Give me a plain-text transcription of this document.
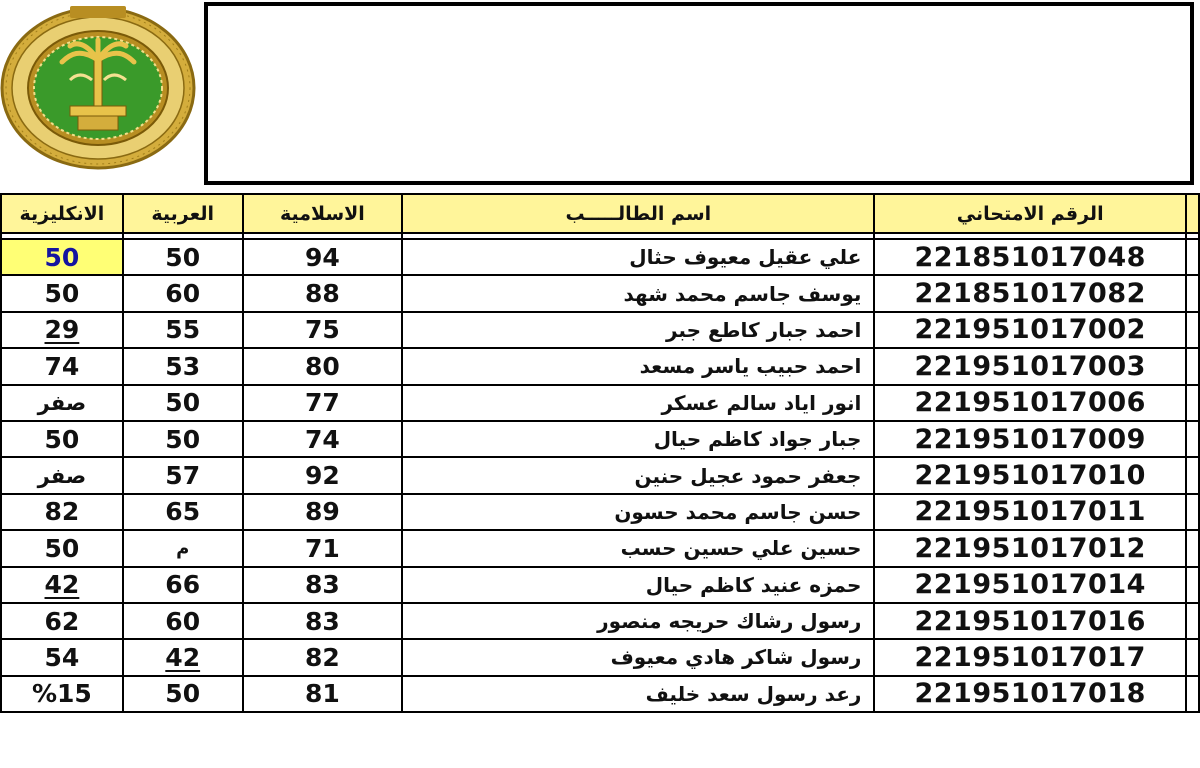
الانكليزية	العربية	الاسلامية	اسم الطالـــــب	الرقم الامتحاني	

50	50	94	علي عقيل معيوف حثال	221851017048	
50	60	88	يوسف جاسم محمد شهد	221851017082	
29	55	75	احمد جبار كاطع جبر	221951017002	
74	53	80	احمد حبيب ياسر مسعد	221951017003	
صفر	50	77	انور اياد سالم عسكر	221951017006	
50	50	74	جبار جواد كاظم حيال	221951017009	
صفر	57	92	جعفر حمود عجيل حنين	221951017010	
82	65	89	حسن جاسم محمد حسون	221951017011	
50	م	71	حسين علي حسين حسب	221951017012	
42	66	83	حمزه عنيد كاظم حيال	221951017014	
62	60	83	رسول رشاك حريجه منصور	221951017016	
54	42	82	رسول شاكر هادي معيوف	221951017017	
%15	50	81	رعد رسول سعد خليف	221951017018	
